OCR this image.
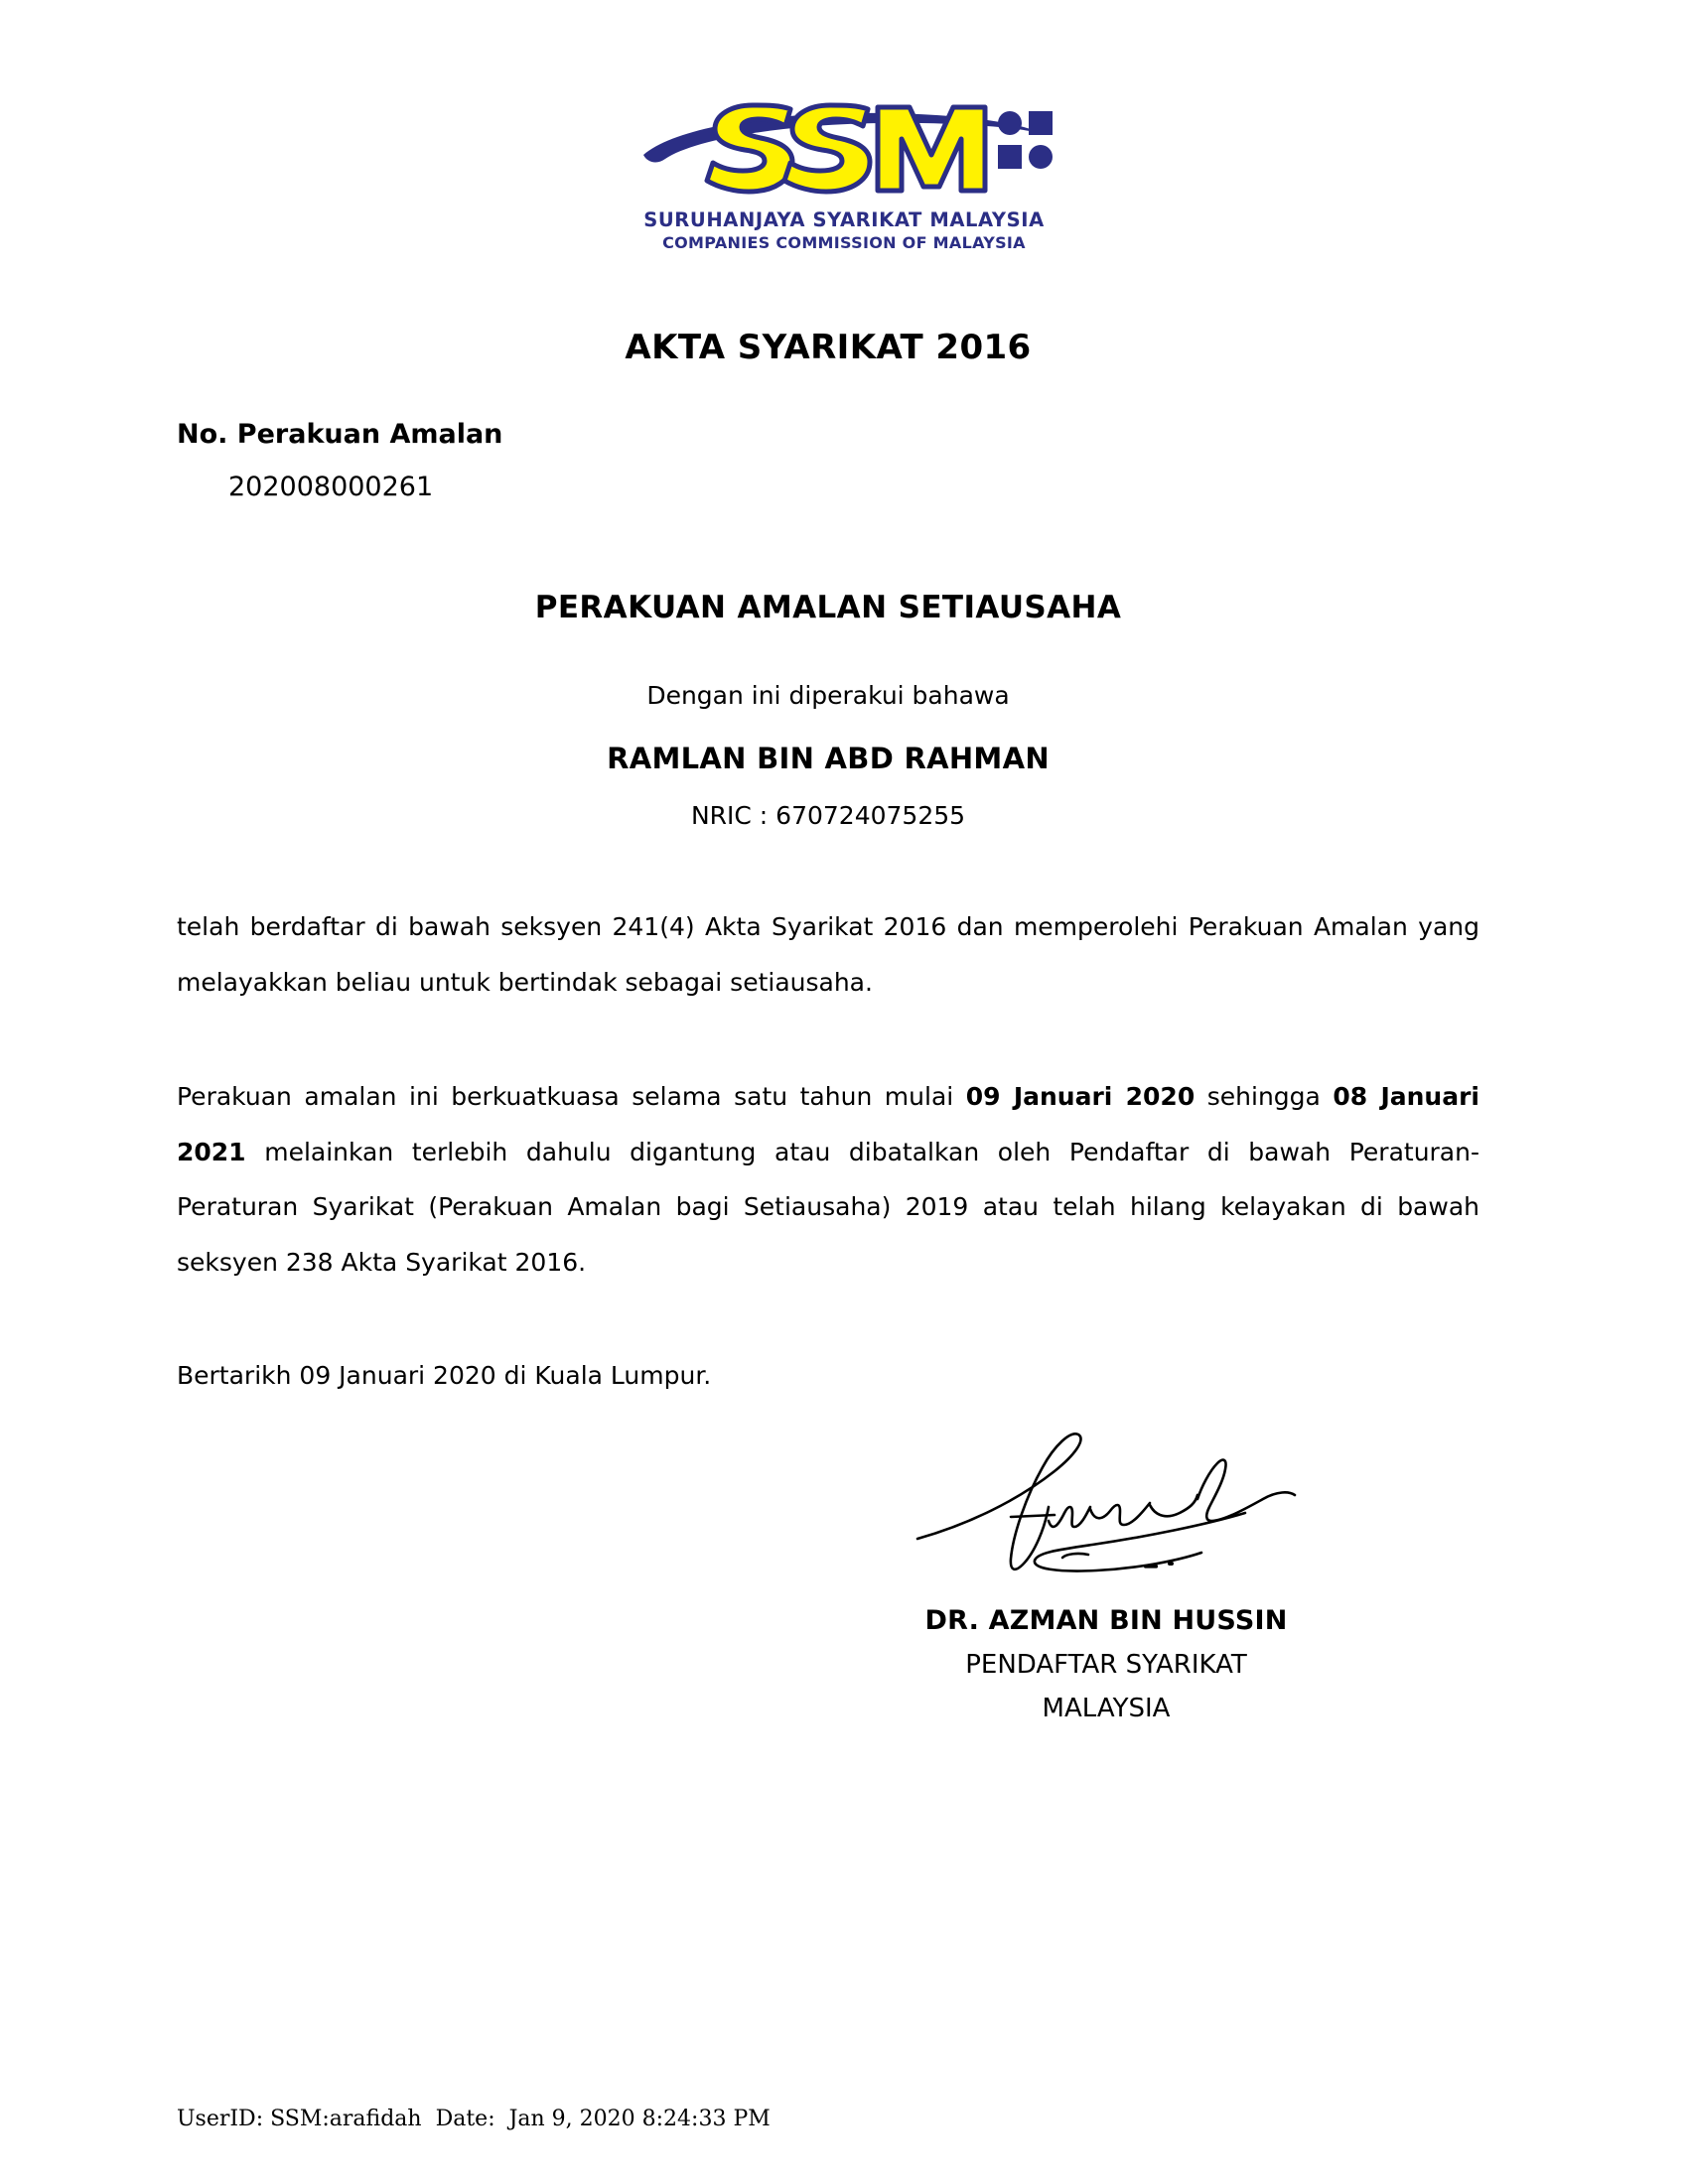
SURUHANJAYA SYARIKAT MALAYSIA
COMPANIES COMMISSION OF MALAYSIA
AKTA SYARIKAT 2016
No. Perakuan Amalan
202008000261
PERAKUAN AMALAN SETIAUSAHA
Dengan ini diperakui bahawa
RAMLAN BIN ABD RAHMAN
NRIC : 670724075255
telah berdaftar di bawah seksyen 241(4) Akta Syarikat 2016 dan memperolehi Perakuan Amalan yang melayakkan beliau untuk bertindak sebagai setiausaha.
Perakuan amalan ini berkuatkuasa selama satu tahun mulai 09 Januari 2020 sehingga 08 Januari 2021 melainkan terlebih dahulu digantung atau dibatalkan oleh Pendaftar di bawah Peraturan-Peraturan Syarikat (Perakuan Amalan bagi Setiausaha) 2019 atau telah hilang kelayakan di bawah seksyen 238 Akta Syarikat 2016.
Bertarikh 09 Januari 2020 di Kuala Lumpur.
DR. AZMAN BIN HUSSIN
PENDAFTAR SYARIKAT
MALAYSIA
UserID: SSM:arafidah  Date:  Jan 9, 2020 8:24:33 PM
